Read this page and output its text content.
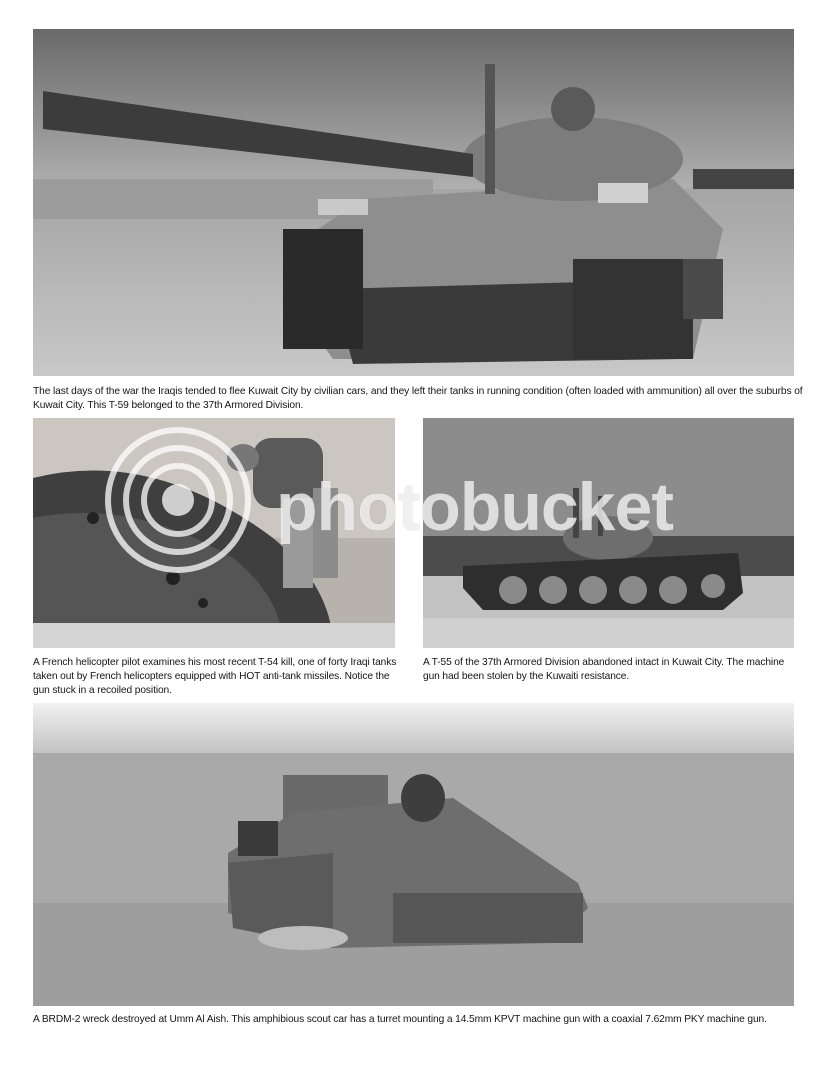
The last days of the war the Iraqis tended to flee Kuwait City by civilian cars, and they left their tanks in running condition (often loaded with ammunition) all over the suburbs of Kuwait City. This T-59 belonged to the 37th Armored Division.

photobucket

A French helicopter pilot examines his most recent T-54 kill, one of forty Iraqi tanks taken out by French helicopters equipped with HOT anti-tank missiles. Notice the gun stuck in a recoiled position.

A T-55 of the 37th Armored Division abandoned intact in Kuwait City. The machine gun had been stolen by the Kuwaiti resistance.

A BRDM-2 wreck destroyed at Umm Al Aish. This amphibious scout car has a turret mounting a 14.5mm KPVT machine gun with a coaxial 7.62mm PKY machine gun.
